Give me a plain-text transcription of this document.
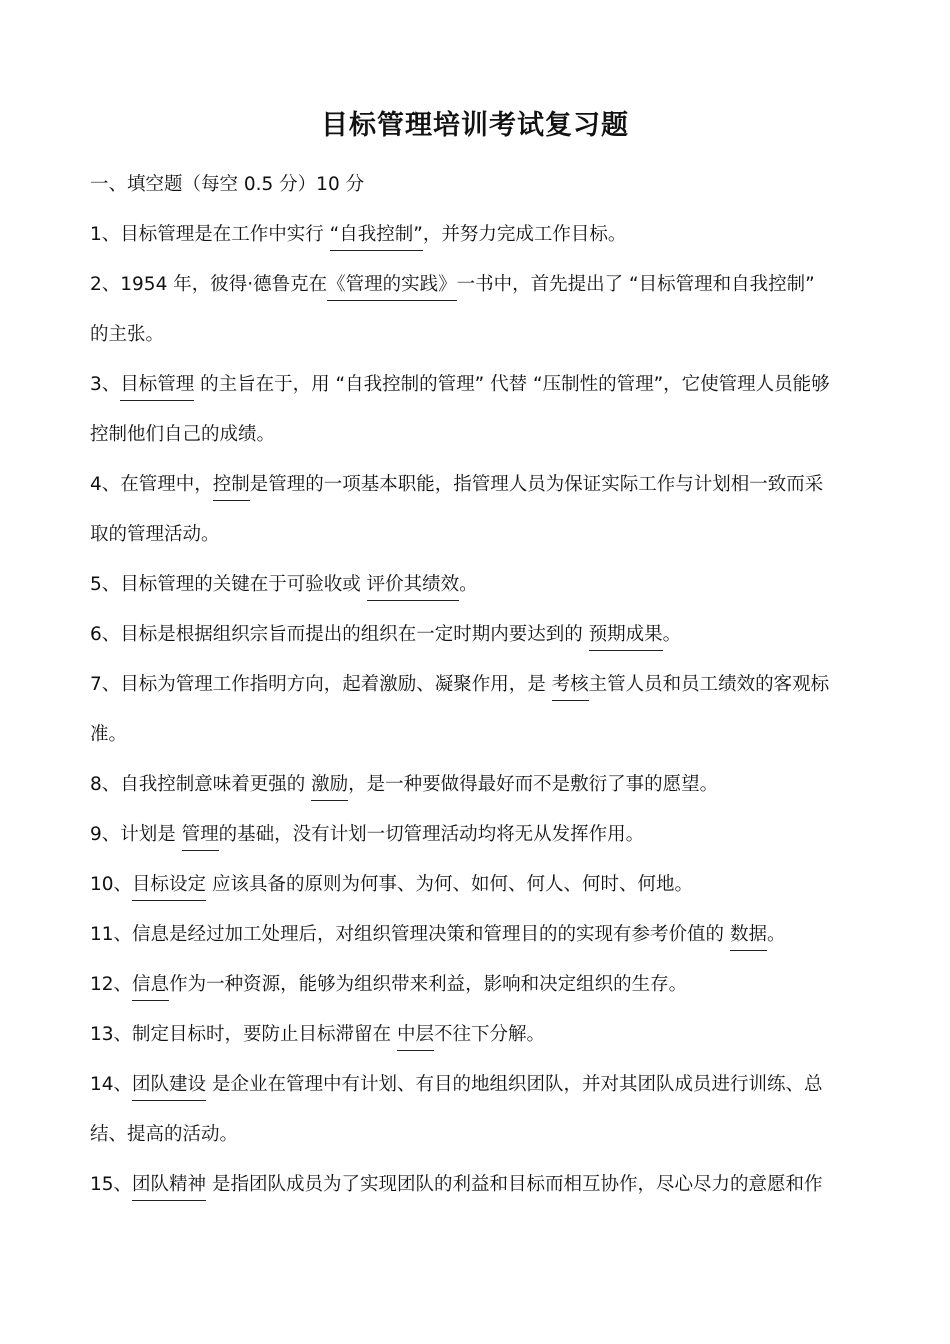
目标管理培训考试复习题
一、填空题（每空 0.5 分）10 分
1、目标管理是在工作中实行 “自我控制”，并努力完成工作目标。
2、1954 年，彼得·德鲁克在《管理的实践》一书中，首先提出了 “目标管理和自我控制”
的主张。
3、目标管理 的主旨在于，用 “自我控制的管理” 代替 “压制性的管理”，它使管理人员能够
控制他们自己的成绩。
4、在管理中，控制是管理的一项基本职能，指管理人员为保证实际工作与计划相一致而采
取的管理活动。
5、目标管理的关键在于可验收或 评价其绩效。
6、目标是根据组织宗旨而提出的组织在一定时期内要达到的 预期成果。
7、目标为管理工作指明方向，起着激励、凝聚作用，是 考核主管人员和员工绩效的客观标
准。
8、自我控制意味着更强的 激励，是一种要做得最好而不是敷衍了事的愿望。
9、计划是 管理的基础，没有计划一切管理活动均将无从发挥作用。
10、目标设定 应该具备的原则为何事、为何、如何、何人、何时、何地。
11、信息是经过加工处理后，对组织管理决策和管理目的的实现有参考价值的 数据。
12、信息作为一种资源，能够为组织带来利益，影响和决定组织的生存。
13、制定目标时，要防止目标滞留在 中层不往下分解。
14、团队建设 是企业在管理中有计划、有目的地组织团队，并对其团队成员进行训练、总
结、提高的活动。
15、团队精神 是指团队成员为了实现团队的利益和目标而相互协作，尽心尽力的意愿和作
